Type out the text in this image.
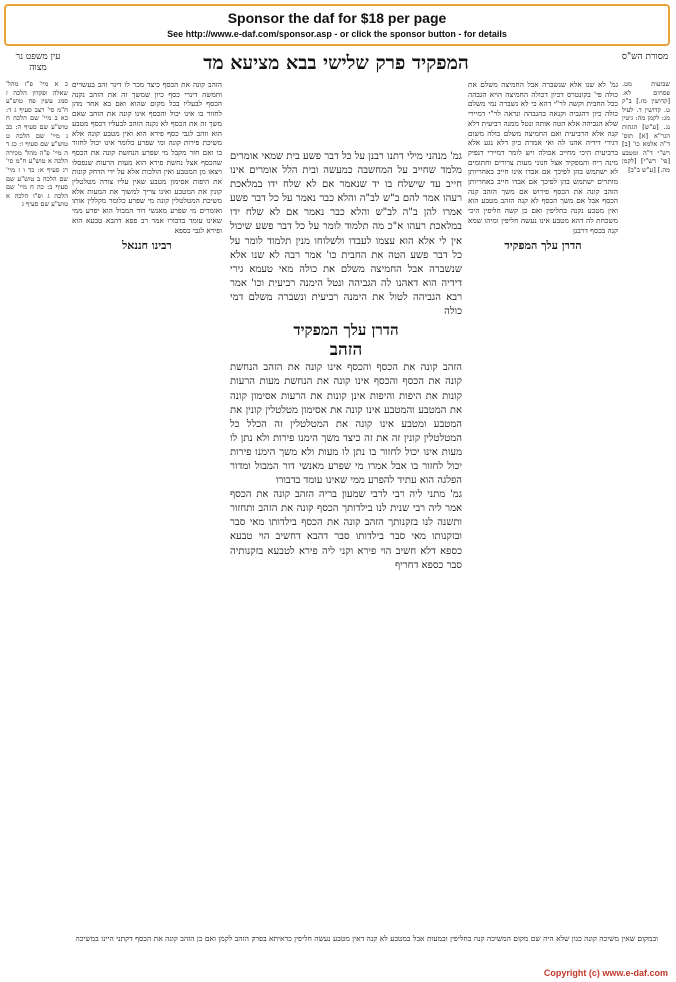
Sponsor the daf for $18 per page
See http://www.e-daf.com/sponsor.asp - or click the sponsor button - for details
המפקיד פרק שלישי בבא מציעא מד
עין משפט נר מצוה
מסורת הש"ס
כ א מיי' פ"ז מהל' שאלה ופקדון הלכה ז סמג עשין פח טוש"ע ח"מ סי' רצב סעיף ג ד: כא ב מיי' שם הלכה ח טוש"ע שם סעיף ה: כב ג מיי' שם הלכה ט טוש"ע שם סעיף ו: כג ד ה מיי' פ"ה מהל' מכירה הלכה א טוש"ע ח"מ סי' רג סעיף א: כד ו ז מיי' שם הלכה ב טוש"ע שם סעיף ב: כה ח מיי' שם הלכה ג ופ"ו הלכה א טוש"ע שם סעיף ג
הזהב קונה את הכסף כיצד מכר לו דינר זהב בעשרים וחמשה דינרי כסף כיון שמשך זה את הזהב נקנה הכסף לבעליו בכל מקום שהוא ואם בא אחד מהן לחזור בו אינו יכול והכסף אינו קונה את הזהב שאם משך זה את הכסף לא נקנה הזהב לבעליו דכסף מטבע הוא וזהב לגבי כסף פירא הוא ואין מטבע קונה אלא משיכת פירות קונה ומי שפרע כלומר אינו יכול לחזור בו ואם חזר מקבל מי שפרע הנחשת קונה את הכסף שהכסף אצל נחשת פירא הוא מעות הרעות שנפסלו ויצאו מן המטבע ואין הולכות אלא על ידי הדחק קונות את היפות אסימון מטבע שאין עליו צורה מטלטלין קונין את המטבע ואינו צריך למשוך את המעות אלא משיכת המטלטלין קונה מי שפרע כלומר מקללין אותו ואומרים מי שפרע מאנשי דור המבול הוא יפרע ממי שאינו עומד בדבורו אמר רב פפא דהבא טבעא הוא ופירא לגבי כספא
רבינו חננאל
גמ' מנהני מילי דתנו רבנן על כל דבר פשע בית שמאי אומרים מלמד שחייב על המחשבה כמעשה ובית הלל אומרים אינו חייב עד שישלח בו יד שנאמר אם לא שלח ידו במלאכת רעהו אמר להם ב"ש לב"ה והלא כבר נאמר על כל דבר פשע אמרו להן ב"ה לב"ש והלא כבר נאמר אם לא שלח ידו במלאכת רעהו א"כ מה תלמוד לומר על כל דבר פשע שיכול אין לי אלא הוא עצמו לעבדו ולשלוחו מנין תלמוד לומר על כל דבר פשע הטה את החבית כו' אמר רבה לא שנו אלא שנשברה אבל החמיצה משלם את כולה מאי טעמא גירי דידיה הוא דאהנו לה הגביהה ונטל הימנה רביעית וכו' אמר רבא הגביהה לטול את הימנה רביעית ונשברה משלם דמי כולה
הדרן עלך המפקיד
הזהב
הזהב קונה את הכסף והכסף אינו קונה את הזהב הנחשת קונה את הכסף והכסף אינו קונה את הנחשת מעות הרעות קונות את היפות והיפות אינן קונות את הרעות אסימון קונה את המטבע והמטבע אינו קונה את אסימון מטלטלין קונין את המטבע ומטבע אינו קונה את המטלטלין זה הכלל כל המטלטלין קונין זה את זה כיצד משך הימנו פירות ולא נתן לו מעות אינו יכול לחזור בו נתן לו מעות ולא משך הימנו פירות יכול לחזור בו אבל אמרו מי שפרע מאנשי דור המבול ומדור הפלגה הוא עתיד להפרע ממי שאינו עומד בדבורו
גמ' מתני ליה רבי לרבי שמעון בריה הזהב קונה את הכסף אמר ליה רבי שנית לנו בילדותך הכסף קונה את הזהב ותחזור ותשנה לנו בזקנותך הזהב קונה את הכסף בילדותו מאי סבר ובזקנותו מאי סבר בילדותו סבר דהבא דחשיב הוי טבעא כספא דלא חשיב הוי פירא וקני ליה פירא לטבעא בזקנותיה סבר כספא דחריף
גמ' לא שנו אלא שנשברה אבל החמיצה משלם את כולה פי' בקונטרס דכיון דכולה החמיצה הויא הגבהה ככל החבית וקשה לר"י דהא כי לא נשברה נמי משלם כולה כיון דהגביה וקנאה בהגבהה ונראה לר"י דמיירי שלא הגביהה אלא הטה אותה ונטל ממנה רביעית דלא קנה אלא הרביעית ואם החמיצה משלם כולה משום דגירי דידיה אהנו לה ואי אמרת כיון דלא נגע אלא ברביעית היכי מחייב אכולה ויש לומר דמיירי דנפיק מינה ריח והמפקיד אצל חנוני מעות צרורים וחתומים לא ישתמש בהן לפיכך אם אבדו אינו חייב באחריותן מותרים ישתמש בהן לפיכך אם אבדו חייב באחריותן הזהב קונה את הכסף פירוש אם משך הזהב קנה הכסף אבל אם משך הכסף לא קנה הזהב מטבע הוא ואין מטבע נקנה בחליפין ואם כן קשה חליפין היכי משכחת לה דהא מטבע אינו נעשה חליפין ומיהו שמא קנה בכסף דרבנן
הדרן עלך המפקיד
שבועות מט. פסחים לא. [קדושין מז.] ב"ק ט. קדושין ד. לעיל מג: לקמן מה: גיטין נג. [ע"ש] הגהות הגר"א [א] תוס' ד"ה אלמא כו' [ב] רש"י ד"ה ומטבע [פי' רש"י] [לקמן מה.] [ע"ש ב"ב]
ובמקום שאין משיכה קונה כגון שלא היה שם מקום המשיכה קנה בחליפין ובמעות אבל במטבע לא קנה דאין מטבע נעשה חליפין כדאיתא בפרק הזהב לקמן ואם כן הזהב קונה את הכסף דקתני היינו במשיכה
Copyright (c) www.e-daf.com
